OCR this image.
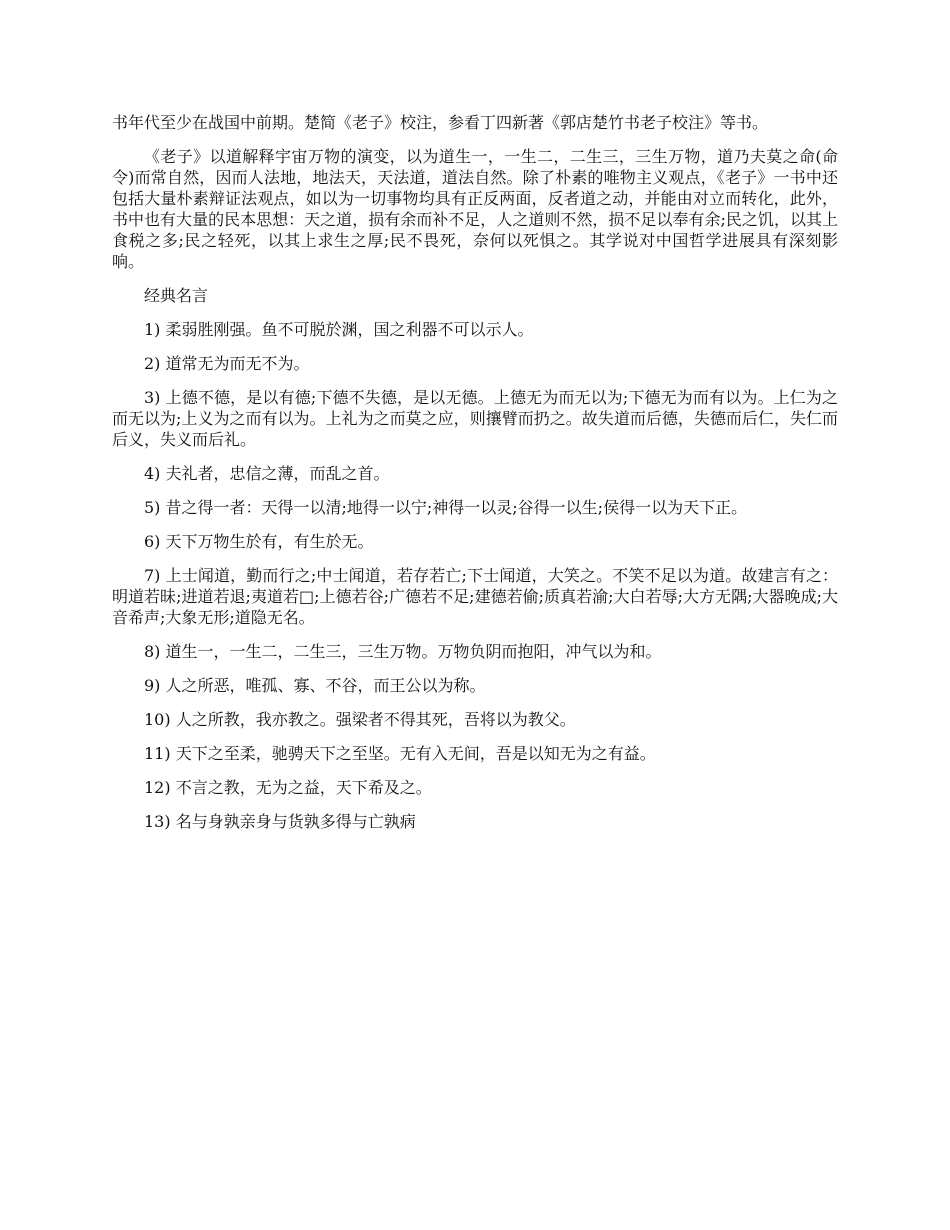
书年代至少在战国中前期。楚简《老子》校注，参看丁四新著《郭店楚竹书老子校注》等书。

《老子》以道解释宇宙万物的演变，以为道生一，一生二，二生三，三生万物，道乃夫莫之命(命令)而常自然，因而人法地，地法天，天法道，道法自然。除了朴素的唯物主义观点，《老子》一书中还包括大量朴素辩证法观点，如以为一切事物均具有正反两面，反者道之动，并能由对立而转化，此外，书中也有大量的民本思想：天之道，损有余而补不足，人之道则不然，损不足以奉有余;民之饥，以其上食税之多;民之轻死，以其上求生之厚;民不畏死，奈何以死惧之。其学说对中国哲学进展具有深刻影响。

经典名言

1) 柔弱胜刚强。鱼不可脱於渊，国之利器不可以示人。

2) 道常无为而无不为。

3) 上德不德，是以有德;下德不失德，是以无德。上德无为而无以为;下德无为而有以为。上仁为之而无以为;上义为之而有以为。上礼为之而莫之应，则攘臂而扔之。故失道而后德，失德而后仁，失仁而后义，失义而后礼。

4) 夫礼者，忠信之薄，而乱之首。

5) 昔之得一者：天得一以清;地得一以宁;神得一以灵;谷得一以生;侯得一以为天下正。

6) 天下万物生於有，有生於无。

7) 上士闻道，勤而行之;中士闻道，若存若亡;下士闻道，大笑之。不笑不足以为道。故建言有之：明道若昧;进道若退;夷道若□;上德若谷;广德若不足;建德若偷;质真若渝;大白若辱;大方无隅;大器晚成;大音希声;大象无形;道隐无名。

8) 道生一，一生二，二生三，三生万物。万物负阴而抱阳，冲气以为和。

9) 人之所恶，唯孤、寡、不谷，而王公以为称。

10) 人之所教，我亦教之。强梁者不得其死，吾将以为教父。

11) 天下之至柔，驰骋天下之至坚。无有入无间，吾是以知无为之有益。

12) 不言之教，无为之益，天下希及之。

13) 名与身孰亲身与货孰多得与亡孰病
